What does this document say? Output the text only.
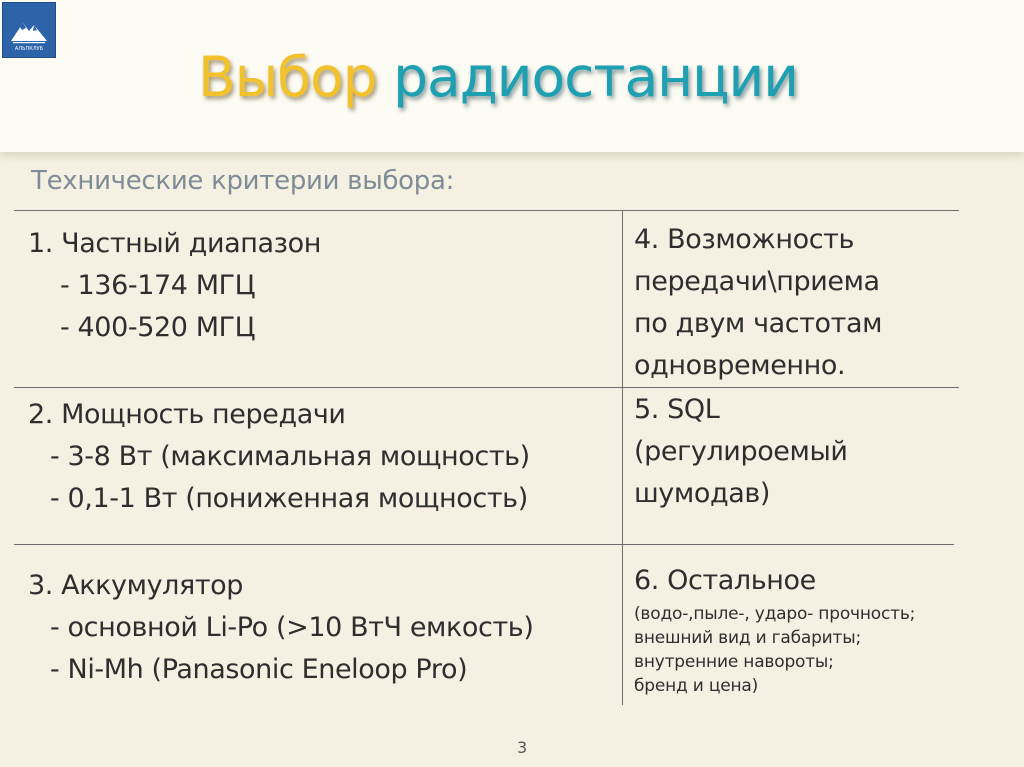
АЛЬПКЛУБ	Выбор радиостанции
Технические критерии выбора:
1. Частный диапазон
- 136-174 МГЦ
- 400-520 МГЦ
2. Мощность передачи
- 3-8 Вт (максимальная мощность)
- 0,1-1 Вт (пониженная мощность)
3. Аккумулятор
- основной Li-Po (>10 ВтЧ емкость)
- Ni-Mh (Panasonic Eneloop Pro)
4. Возможность
передачи\приема
по двум частотам
одновременно.
5. SQL
(регулироемый
шумодав)
6. Остальное
(водо-,пыле-, ударо- прочность;
внешний вид и габариты;
внутренние навороты;
бренд и цена)
3
